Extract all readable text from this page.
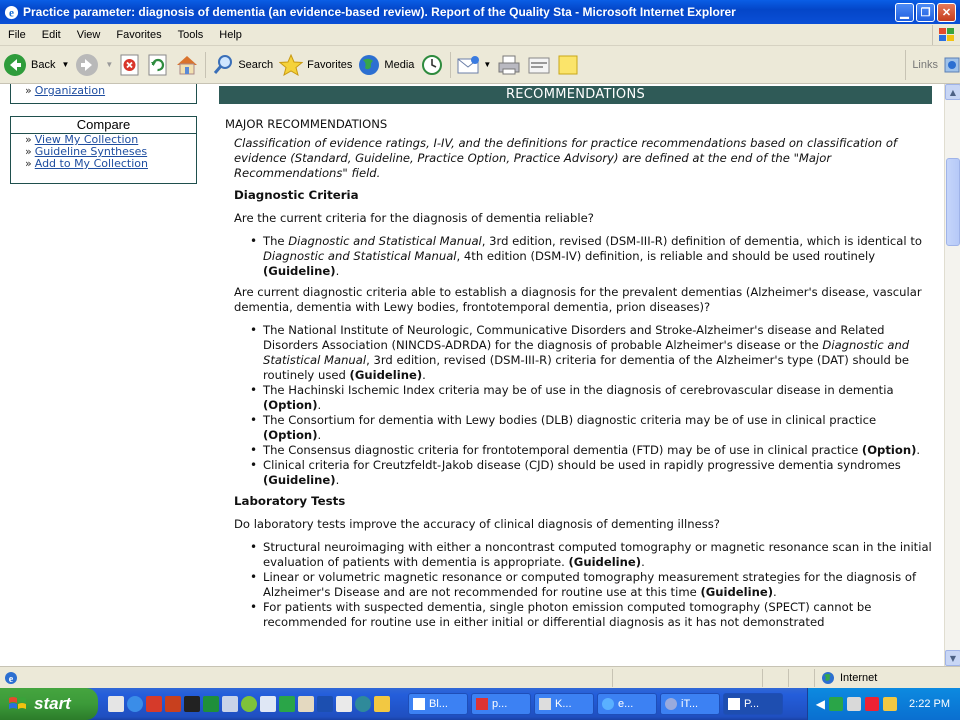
e Practice parameter: diagnosis of dementia (an evidence-based review). Report of the Quality Sta - Microsoft Internet Explorer	▁	❐	✕
File	Edit	View	Favorites	Tools	Help
Back ▼	▼	Search	Favorites	Media	▼	Links
» Organization
Compare
» View My Collection
» Guideline Syntheses
» Add to My Collection
RECOMMENDATIONS
MAJOR RECOMMENDATIONS
Classification of evidence ratings, I-IV, and the definitions for practice recommendations based on classification of evidence (Standard, Guideline, Practice Option, Practice Advisory) are defined at the end of the "Major Recommendations" field.
Diagnostic Criteria
Are the current criteria for the diagnosis of dementia reliable?
• The Diagnostic and Statistical Manual, 3rd edition, revised (DSM-III-R) definition of dementia, which is identical to Diagnostic and Statistical Manual, 4th edition (DSM-IV) definition, is reliable and should be used routinely (Guideline).
Are current diagnostic criteria able to establish a diagnosis for the prevalent dementias (Alzheimer's disease, vascular dementia, dementia with Lewy bodies, frontotemporal dementia, prion diseases)?
• The National Institute of Neurologic, Communicative Disorders and Stroke-Alzheimer's disease and Related Disorders Association (NINCDS-ADRDA) for the diagnosis of probable Alzheimer's disease or the Diagnostic and Statistical Manual, 3rd edition, revised (DSM-III-R) criteria for dementia of the Alzheimer's type (DAT) should be routinely used (Guideline).
• The Hachinski Ischemic Index criteria may be of use in the diagnosis of cerebrovascular disease in dementia (Option).
• The Consortium for dementia with Lewy bodies (DLB) diagnostic criteria may be of use in clinical practice (Option).
• The Consensus diagnostic criteria for frontotemporal dementia (FTD) may be of use in clinical practice (Option).
• Clinical criteria for Creutzfeldt-Jakob disease (CJD) should be used in rapidly progressive dementia syndromes (Guideline).
Laboratory Tests
Do laboratory tests improve the accuracy of clinical diagnosis of dementing illness?
• Structural neuroimaging with either a noncontrast computed tomography or magnetic resonance scan in the initial evaluation of patients with dementia is appropriate. (Guideline).
• Linear or volumetric magnetic resonance or computed tomography measurement strategies for the diagnosis of Alzheimer's Disease and are not recommended for routine use at this time (Guideline).
• For patients with suspected dementia, single photon emission computed tomography (SPECT) cannot be recommended for routine use in either initial or differential diagnosis as it has not demonstrated
▲
▼
e	Internet
start	Bl...	p...	K...	e...	iT...	P...	◀	2:22 PM
